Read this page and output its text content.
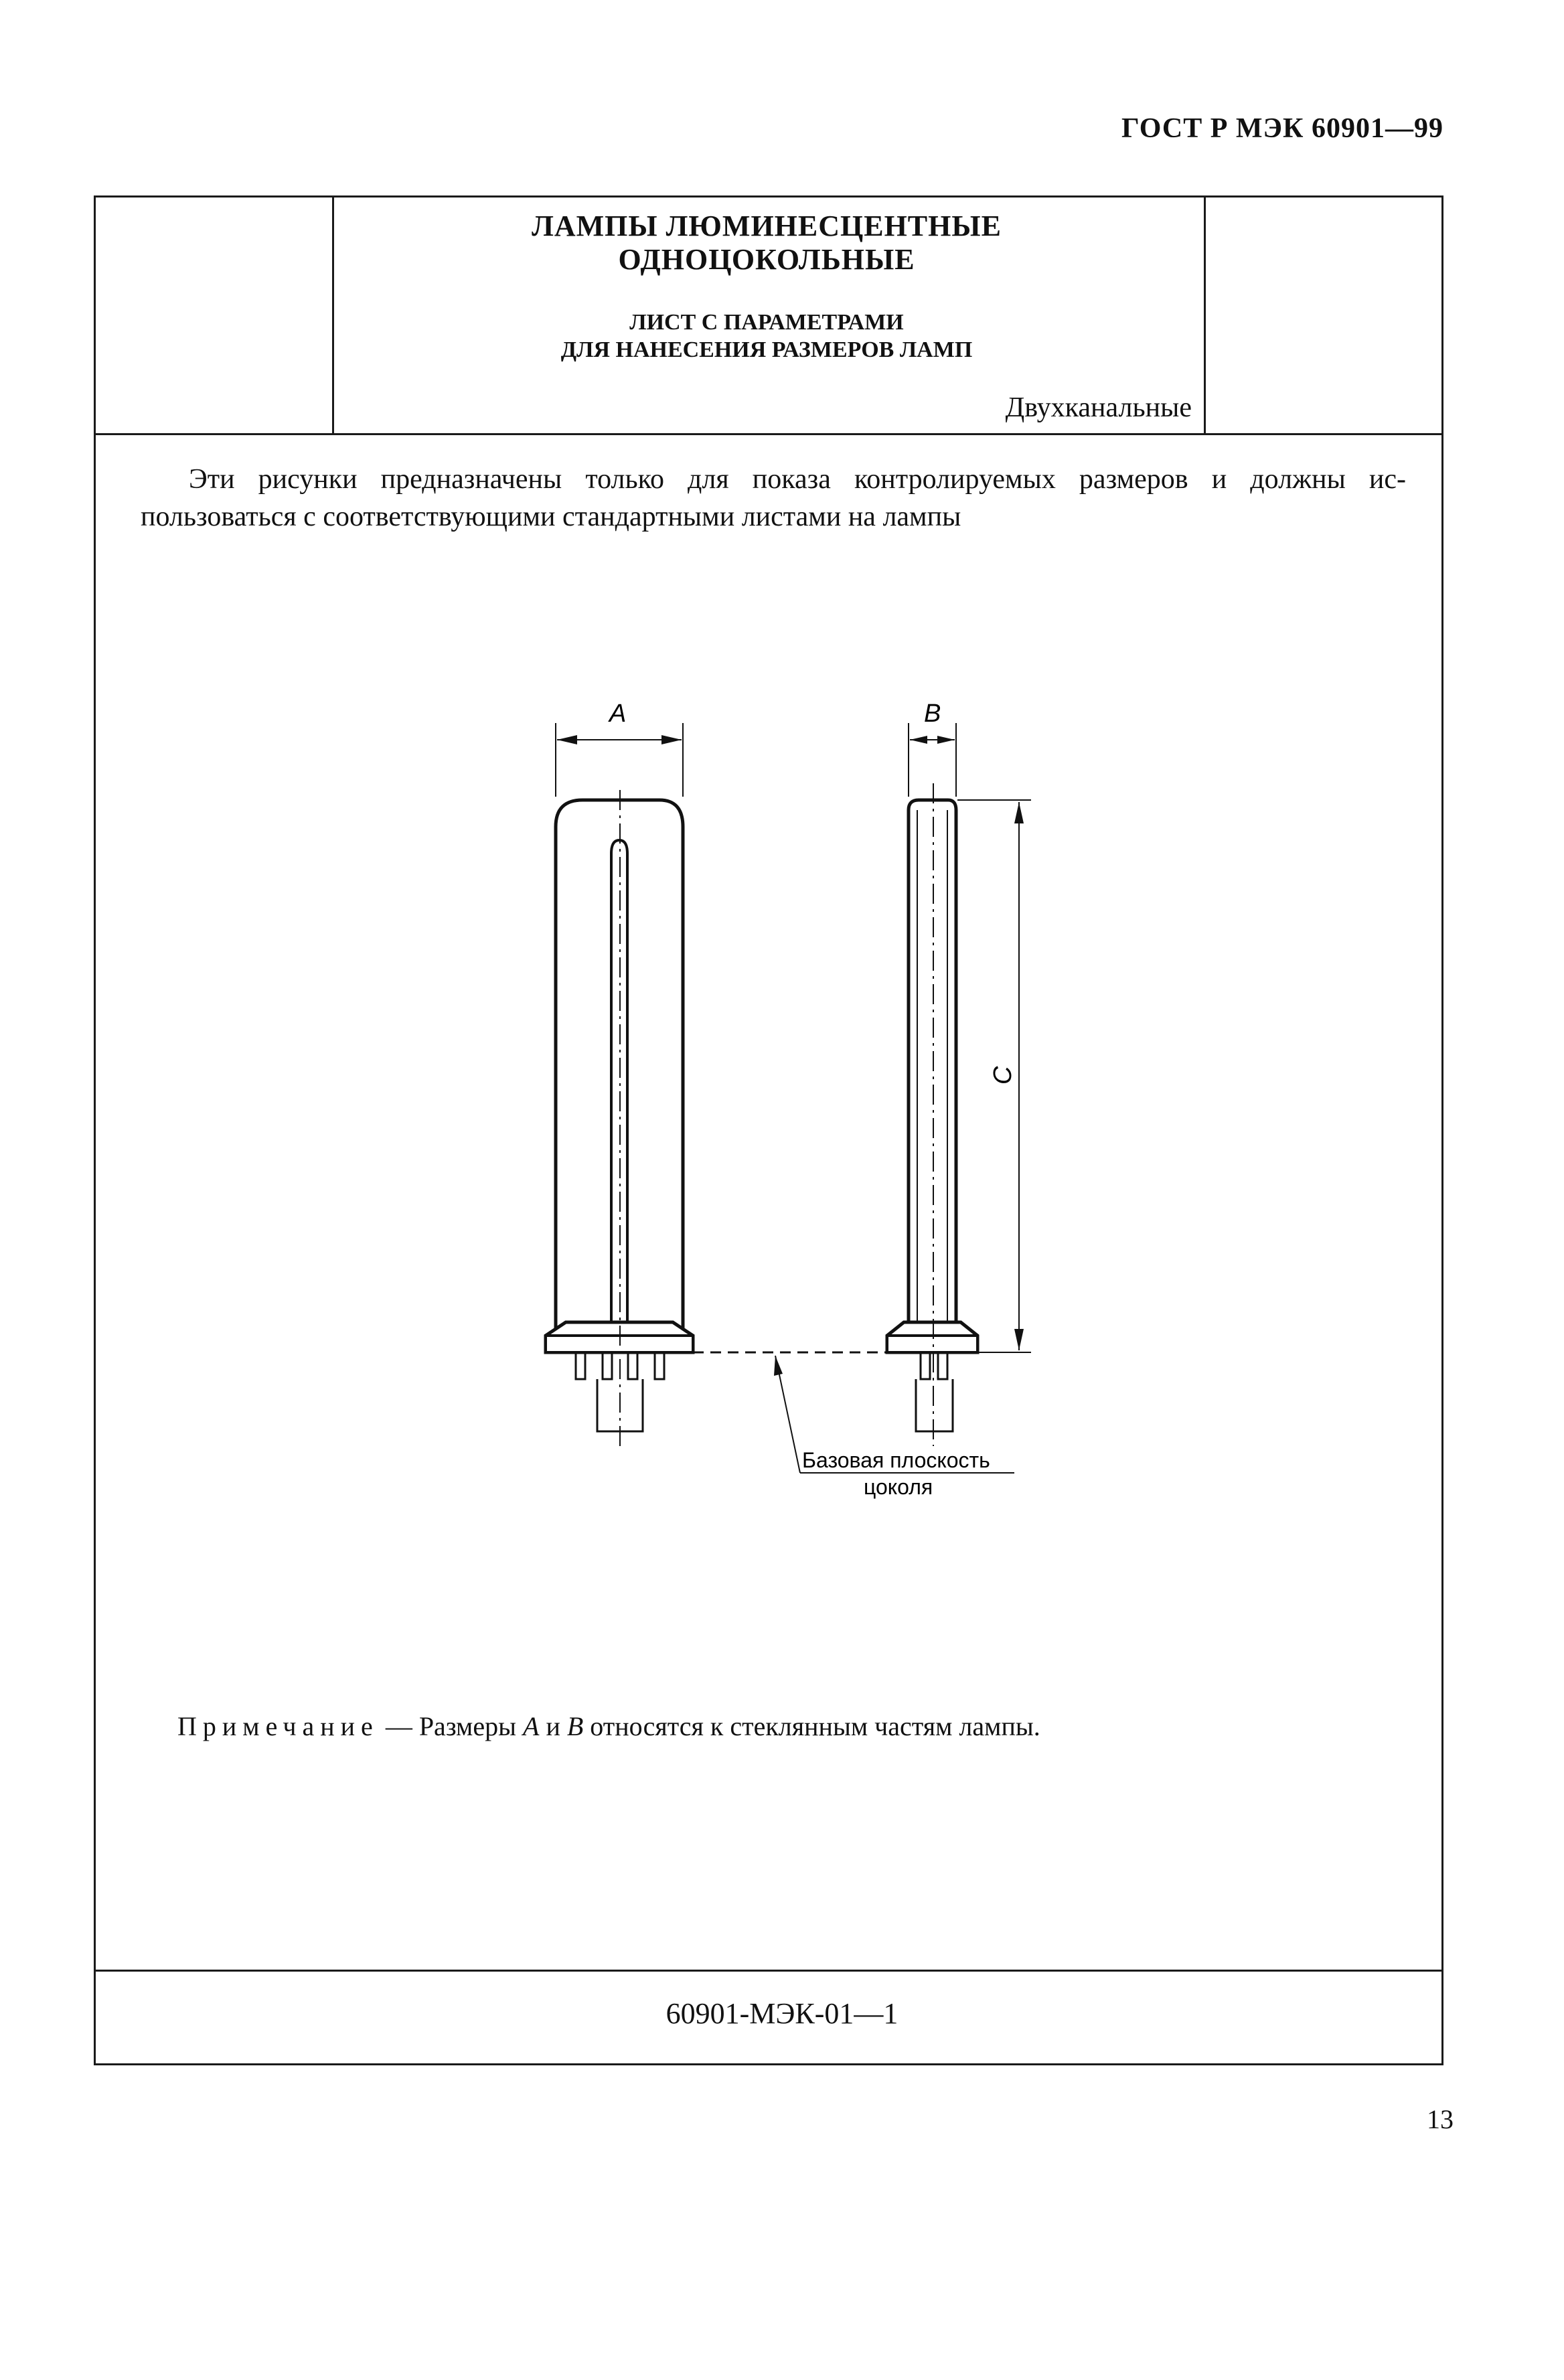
ГОСТ Р МЭК 60901—99
ЛАМПЫ ЛЮМИНЕСЦЕНТНЫЕ
ОДНОЦОКОЛЬНЫЕ
ЛИСТ С ПАРАМЕТРАМИ
ДЛЯ НАНЕСЕНИЯ РАЗМЕРОВ ЛАМП
Двухканальные
Эти рисунки предназначены только для показа контролируемых размеров и должны ис-
пользоваться с соответствующими стандартными листами на лампы
A	B
C
Базовая плоскость
цоколя
Примечание — Размеры A и B относятся к стеклянным частям лампы.
60901-МЭК-01—1
13
